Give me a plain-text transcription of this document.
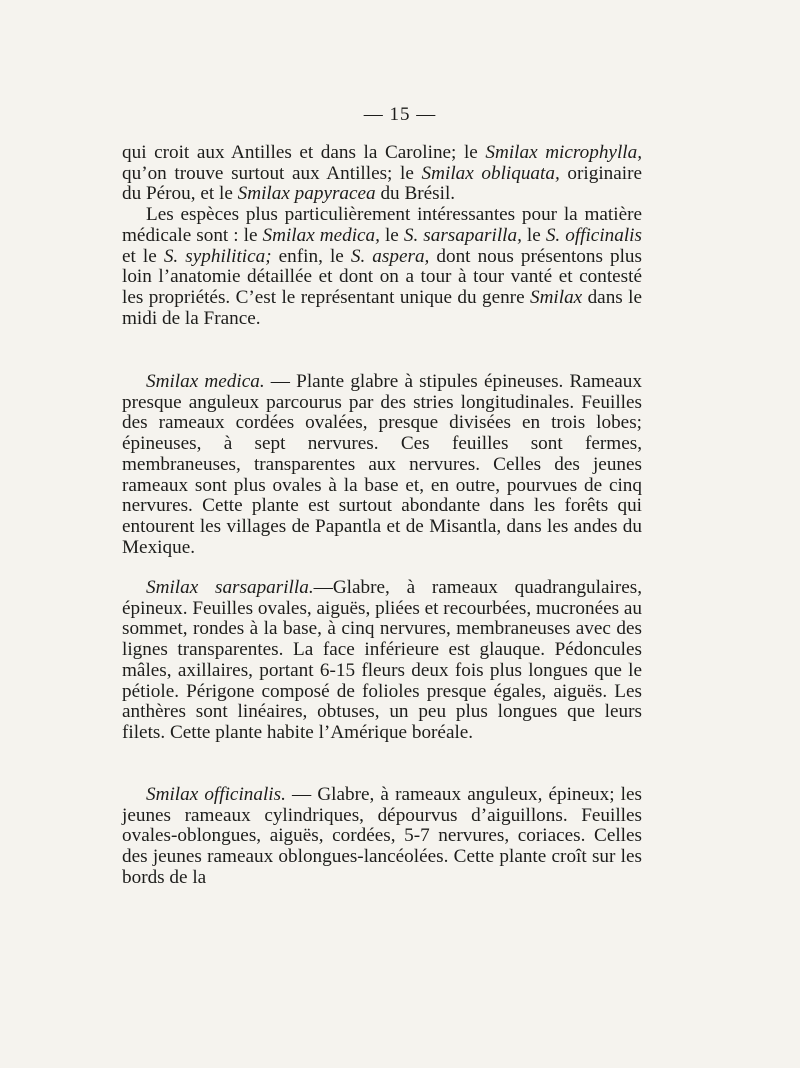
— 15 —

qui croit aux Antilles et dans la Caroline; le Smilax microphylla, qu’on trouve surtout aux Antilles; le Smilax obliquata, originaire du Pérou, et le Smilax papyracea du Brésil.

Les espèces plus particulièrement intéressantes pour la matière médicale sont : le Smilax medica, le S. sarsaparilla, le S. officinalis et le S. syphilitica; enfin, le S. aspera, dont nous présentons plus loin l’anatomie détaillée et dont on a tour à tour vanté et contesté les propriétés. C’est le représentant unique du genre Smilax dans le midi de la France.

Smilax medica. — Plante glabre à stipules épineuses. Rameaux presque anguleux parcourus par des stries longitudinales. Feuilles des rameaux cordées ovalées, presque divisées en trois lobes; épineuses, à sept nervures. Ces feuilles sont fermes, membraneuses, transparentes aux nervures. Celles des jeunes rameaux sont plus ovales à la base et, en outre, pourvues de cinq nervures. Cette plante est surtout abondante dans les forêts qui entourent les villages de Papantla et de Misantla, dans les andes du Mexique.

Smilax sarsaparilla.—Glabre, à rameaux quadrangulaires, épineux. Feuilles ovales, aiguës, pliées et recourbées, mucronées au sommet, rondes à la base, à cinq nervures, membraneuses avec des lignes transparentes. La face inférieure est glauque. Pédoncules mâles, axillaires, portant 6-15 fleurs deux fois plus longues que le pétiole. Périgone composé de folioles presque égales, aiguës. Les anthères sont linéaires, obtuses, un peu plus longues que leurs filets. Cette plante habite l’Amérique boréale.

Smilax officinalis. — Glabre, à rameaux anguleux, épineux; les jeunes rameaux cylindriques, dépourvus d’aiguillons. Feuilles ovales-oblongues, aiguës, cordées, 5-7 nervures, coriaces. Celles des jeunes rameaux oblongues-lancéolées. Cette plante croît sur les bords de la
